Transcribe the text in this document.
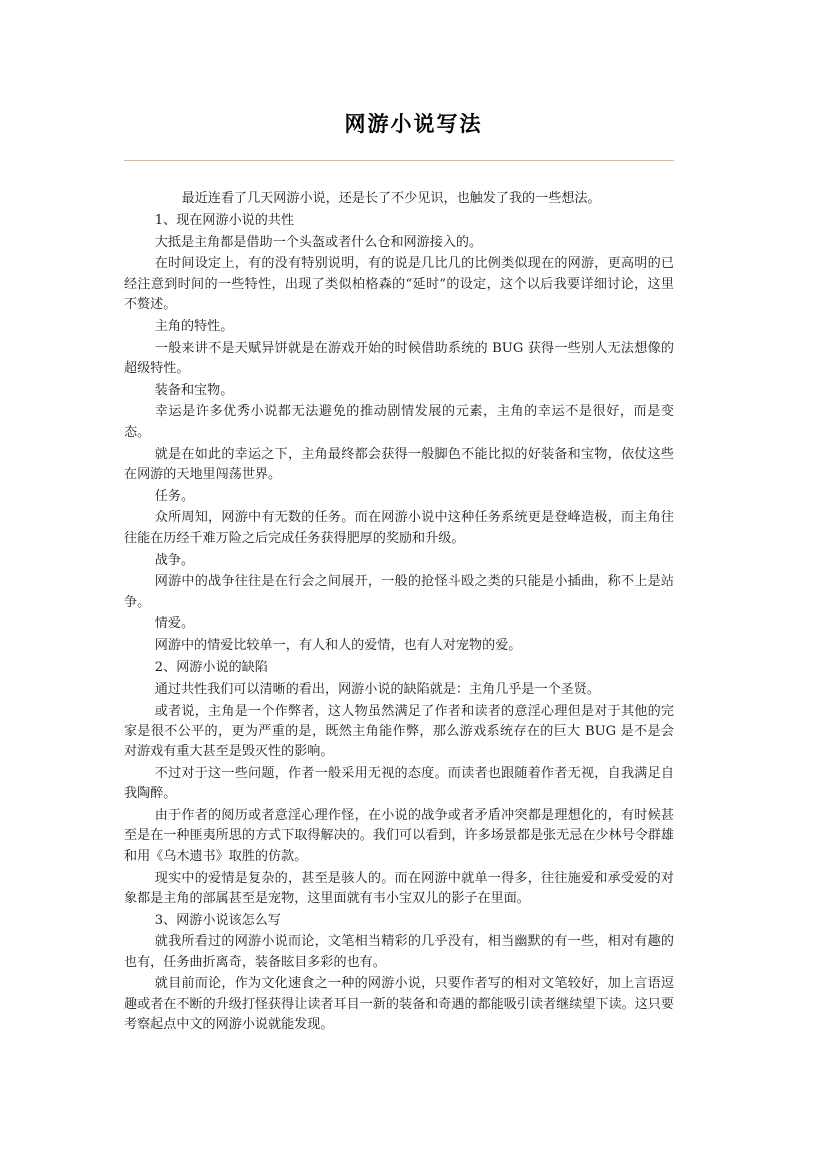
网游小说写法

最近连看了几天网游小说，还是长了不少见识，也触发了我的一些想法。

1、现在网游小说的共性

大抵是主角都是借助一个头盔或者什么仓和网游接入的。

在时间设定上，有的没有特别说明，有的说是几比几的比例类似现在的网游，更高明的已经注意到时间的一些特性，出现了类似柏格森的“延时”的设定，这个以后我要详细讨论，这里不赘述。

主角的特性。

一般来讲不是天赋异饼就是在游戏开始的时候借助系统的 BUG 获得一些别人无法想像的超级特性。

装备和宝物。

幸运是许多优秀小说都无法避免的推动剧情发展的元素，主角的幸运不是很好，而是变态。

就是在如此的幸运之下，主角最终都会获得一般脚色不能比拟的好装备和宝物，依仗这些在网游的天地里闯荡世界。

任务。

众所周知，网游中有无数的任务。而在网游小说中这种任务系统更是登峰造极，而主角往往能在历经千难万险之后完成任务获得肥厚的奖励和升级。

战争。

网游中的战争往往是在行会之间展开，一般的抢怪斗殴之类的只能是小插曲，称不上是站争。

情爱。

网游中的情爱比较单一，有人和人的爱情，也有人对宠物的爱。

2、网游小说的缺陷

通过共性我们可以清晰的看出，网游小说的缺陷就是：主角几乎是一个圣贤。

或者说，主角是一个作弊者，这人物虽然满足了作者和读者的意淫心理但是对于其他的完家是很不公平的，更为严重的是，既然主角能作弊，那么游戏系统存在的巨大 BUG 是不是会对游戏有重大甚至是毁灭性的影响。

不过对于这一些问题，作者一般采用无视的态度。而读者也跟随着作者无视，自我满足自我陶醉。

由于作者的阅历或者意淫心理作怪，在小说的战争或者矛盾冲突都是理想化的，有时候甚至是在一种匪夷所思的方式下取得解决的。我们可以看到，许多场景都是张无忌在少林号令群雄和用《乌木遗书》取胜的仿款。

现实中的爱情是复杂的，甚至是骇人的。而在网游中就单一得多，往往施爱和承受爱的对象都是主角的部属甚至是宠物，这里面就有韦小宝双儿的影子在里面。

3、网游小说该怎么写

就我所看过的网游小说而论，文笔相当精彩的几乎没有，相当幽默的有一些，相对有趣的也有，任务曲折离奇，装备眩目多彩的也有。

就目前而论，作为文化速食之一种的网游小说，只要作者写的相对文笔较好，加上言语逗趣或者在不断的升级打怪获得让读者耳目一新的装备和奇遇的都能吸引读者继续望下读。这只要考察起点中文的网游小说就能发现。
